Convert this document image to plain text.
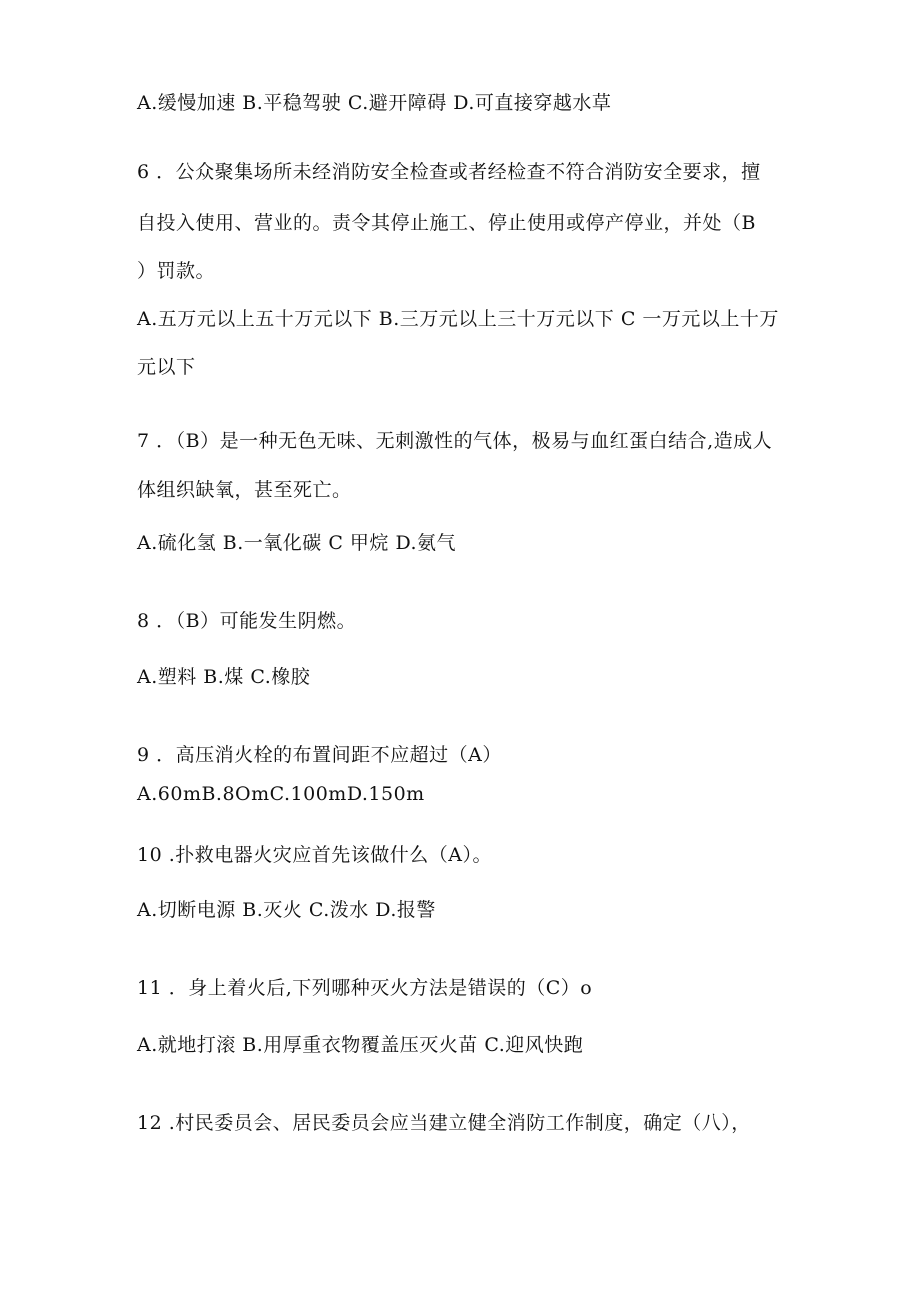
A.缓慢加速 B.平稳驾驶 C.避开障碍 D.可直接穿越水草
6 ．公众聚集场所未经消防安全检查或者经检查不符合消防安全要求，擅
自投入使用、营业的。责令其停止施工、停止使用或停产停业，并处（B
）罚款。
A.五万元以上五十万元以下 B.三万元以上三十万元以下 C 一万元以上十万
元以下
7 ．（B）是一种无色无味、无刺激性的气体，极易与血红蛋白结合,造成人
体组织缺氧，甚至死亡。
A.硫化氢 B.一氧化碳 C 甲烷 D.氨气
8 ．（B）可能发生阴燃。
A.塑料 B.煤 C.橡胶
9 ．高压消火栓的布置间距不应超过（A）
A.60mB.8OmC.100mD.150m
10 .扑救电器火灾应首先该做什么（A）。
A.切断电源 B.灭火 C.泼水 D.报警
11 ．身上着火后,下列哪种灭火方法是错误的（C）o
A.就地打滚 B.用厚重衣物覆盖压灭火苗 C.迎风快跑
12 .村民委员会、居民委员会应当建立健全消防工作制度，确定（八），
